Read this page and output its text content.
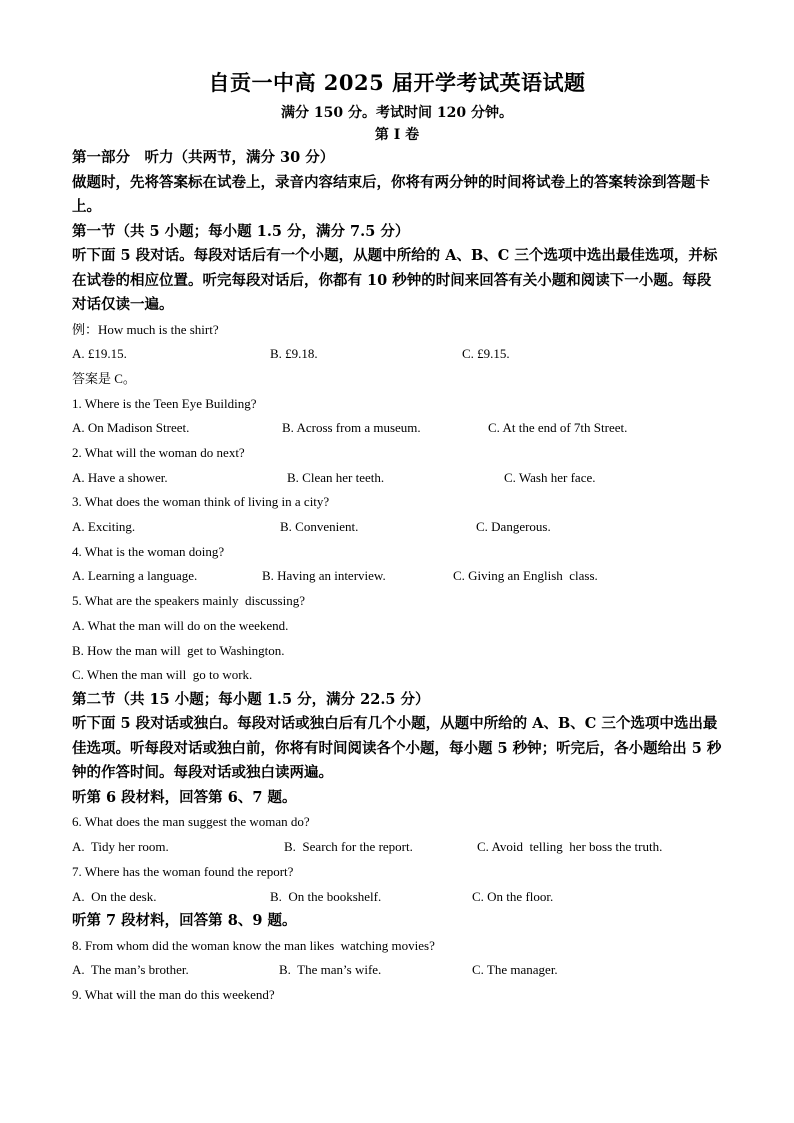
自贡一中高 2025 届开学考试英语试题
满分 150 分。考试时间 120 分钟。
第 I 卷
第一部分　听力（共两节，满分 30 分）
做题时，先将答案标在试卷上，录音内容结束后，你将有两分钟的时间将试卷上的答案转涂到答题卡上。
第一节（共 5 小题；每小题 1.5 分，满分 7.5 分）
听下面 5 段对话。每段对话后有一个小题，从题中所给的 A、B、C 三个选项中选出最佳选项，并标在试卷的相应位置。听完每段对话后，你都有 10 秒钟的时间来回答有关小题和阅读下一小题。每段对话仅读一遍。
例：How much is the shirt?
A. £19.15.	B. £9.18.	C. £9.15.
答案是 C。
1. Where is the Teen Eye Building?
A. On Madison Street.	B. Across from a museum.	C. At the end of 7th Street.
2. What will the woman do next?
A. Have a shower.	B. Clean her teeth.	C. Wash her face.
3. What does the woman think of living in a city?
A. Exciting.	B. Convenient.	C. Dangerous.
4. What is the woman doing?
A. Learning a language.	B. Having an interview.	C. Giving an English  class.
5. What are the speakers mainly  discussing?
A. What the man will do on the weekend.
B. How the man will  get to Washington.
C. When the man will  go to work.
第二节（共 15 小题；每小题 1.5 分，满分 22.5 分）
听下面 5 段对话或独白。每段对话或独白后有几个小题，从题中所给的 A、B、C 三个选项中选出最佳选项。听每段对话或独白前，你将有时间阅读各个小题，每小题 5 秒钟；听完后，各小题给出 5 秒钟的作答时间。每段对话或独白读两遍。
听第 6 段材料，回答第 6、7 题。
6. What does the man suggest the woman do?
A.  Tidy her room.	B.  Search for the report.	C. Avoid  telling  her boss the truth.
7. Where has the woman found the report?
A.  On the desk.	B.  On the bookshelf.	C. On the floor.
听第 7 段材料，回答第 8、9 题。
8. From whom did the woman know the man likes  watching movies?
A.  The man’s brother.	B.  The man’s wife.	C. The manager.
9. What will the man do this weekend?
